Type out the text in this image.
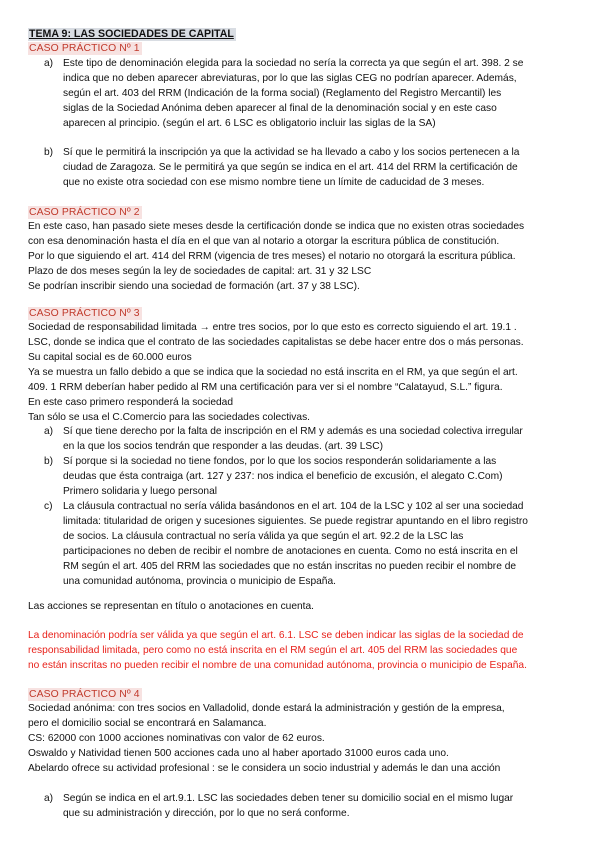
TEMA 9: LAS SOCIEDADES DE CAPITAL
CASO PRÁCTICO Nº 1
a) Este tipo de denominación elegida para la sociedad no sería la correcta ya que según el art. 398. 2 se
indica que no deben aparecer abreviaturas, por lo que las siglas CEG no podrían aparecer. Además,
según el art. 403 del RRM (Indicación de la forma social) (Reglamento del Registro Mercantil) les
siglas de la Sociedad Anónima deben aparecer al final de la denominación social y en este caso
aparecen al principio. (según el art. 6 LSC es obligatorio incluir las siglas de la SA)
b) Sí que le permitirá la inscripción ya que la actividad se ha llevado a cabo y los socios pertenecen a la
ciudad de Zaragoza. Se le permitirá ya que según se indica en el art. 414 del RRM la certificación de
que no existe otra sociedad con ese mismo nombre tiene un límite de caducidad de 3 meses.
CASO PRÁCTICO Nº 2
En este caso, han pasado siete meses desde la certificación donde se indica que no existen otras sociedades
con esa denominación hasta el día en el que van al notario a otorgar la escritura pública de constitución.
Por lo que siguiendo el art. 414 del RRM (vigencia de tres meses) el notario no otorgará la escritura pública.
Plazo de dos meses según la ley de sociedades de capital: art. 31 y 32 LSC
Se podrían inscribir siendo una sociedad de formación (art. 37 y 38 LSC).
CASO PRÁCTICO Nº 3
Sociedad de responsabilidad limitada → entre tres socios, por lo que esto es correcto siguiendo el art. 19.1 .
LSC, donde se indica que el contrato de las sociedades capitalistas se debe hacer entre dos o más personas.
Su capital social es de 60.000 euros
Ya se muestra un fallo debido a que se indica que la sociedad no está inscrita en el RM, ya que según el art.
409. 1 RRM deberían haber pedido al RM una certificación para ver si el nombre “Calatayud, S.L.” figura.
En este caso primero responderá la sociedad
Tan sólo se usa el C.Comercio para las sociedades colectivas.
a) Sí que tiene derecho por la falta de inscripción en el RM y además es una sociedad colectiva irregular
en la que los socios tendrán que responder a las deudas. (art. 39 LSC)
b) Sí porque si la sociedad no tiene fondos, por lo que los socios responderán solidariamente a las
deudas que ésta contraiga (art. 127 y 237: nos indica el beneficio de excusión, el alegato C.Com)
Primero solidaria y luego personal
c) La cláusula contractual no sería válida basándonos en el art. 104 de la LSC y 102 al ser una sociedad
limitada: titularidad de origen y sucesiones siguientes. Se puede registrar apuntando en el libro registro
de socios. La cláusula contractual no sería válida ya que según el art. 92.2 de la LSC las
participaciones no deben de recibir el nombre de anotaciones en cuenta. Como no está inscrita en el
RM según el art. 405 del RRM las sociedades que no están inscritas no pueden recibir el nombre de
una comunidad autónoma, provincia o municipio de España.
Las acciones se representan en título o anotaciones en cuenta.
La denominación podría ser válida ya que según el art. 6.1. LSC se deben indicar las siglas de la sociedad de
responsabilidad limitada, pero como no está inscrita en el RM según el art. 405 del RRM las sociedades que
no están inscritas no pueden recibir el nombre de una comunidad autónoma, provincia o municipio de España.
CASO PRÁCTICO Nº 4
Sociedad anónima: con tres socios en Valladolid, donde estará la administración y gestión de la empresa,
pero el domicilio social se encontrará en Salamanca.
CS: 62000 con 1000 acciones nominativas con valor de 62 euros.
Oswaldo y Natividad tienen 500 acciones cada uno al haber aportado 31000 euros cada uno.
Abelardo ofrece su actividad profesional : se le considera un socio industrial y además le dan una acción
a) Según se indica en el art.9.1. LSC las sociedades deben tener su domicilio social en el mismo lugar
que su administración y dirección, por lo que no será conforme.
